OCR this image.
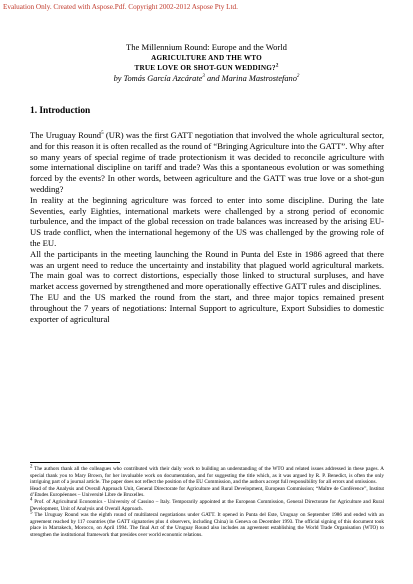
Evaluation Only. Created with Aspose.Pdf. Copyright 2002-2012 Aspose Pty Ltd.
The Millennium Round: Europe and the World
AGRICULTURE AND THE WTO
TRUE LOVE OR SHOT-GUN WEDDING?$^2$
by Tomás García Azcárate$^3$ and Marina Mastrostefano$^2$
1. Introduction

The Uruguay Round$^5$ (UR) was the first GATT negotiation that involved the whole agricultural sector, and for this reason it is often recalled as the round of “Bringing Agriculture into the GATT”. Why after so many years of special regime of trade protectionism it was decided to reconcile agriculture with some international discipline on tariff and trade? Was this a spontaneous evolution or was something forced by the events? In other words, between agriculture and the GATT was true love or a shot-gun wedding?

In reality at the beginning agriculture was forced to enter into some discipline. During the late Seventies, early Eighties, international markets were challenged by a strong period of economic turbulence, and the impact of the global recession on trade balances was increased by the arising EU-US trade conflict, when the international hegemony of the US was challenged by the growing role of the EU.

All the participants in the meeting launching the Round in Punta del Este in 1986 agreed that there was an urgent need to reduce the uncertainty and instability that plagued world agricultural markets. The main goal was to correct distortions, especially those linked to structural surpluses, and have market access governed by strengthened and more operationally effective GATT rules and disciplines.

The EU and the US marked the round from the start, and three major topics remained present throughout the 7 years of negotiations: Internal Support to agriculture, Export Subsidies to domestic exporter of agricultural

$^2$ The authors thank all the colleagues who contributed with their daily work to building an understanding of the WTO and related issues addressed in these pages. A special thank you to Mary Brown, for her invaluable work on documentation, and for suggesting the title which, as it was argued by R. P. Benedict, is often the only intriguing part of a journal article. The paper does not reflect the position of the EU Commission, and the authors accept full responsibility for all errors and omissions.

Head of the Analysis and Overall Approach Unit, General Directorate for Agriculture and Rural Development, European Commission; “Maître de Conférence”, Institut d’Etudes Européennes – Université Libre de Bruxelles.

$^4$ Prof. of Agricultural Economics - University of Cassino – Italy. Temporarily appointed at the European Commission, General Directorate for Agriculture and Rural Development, Unit of Analysis and Overall Approach.

$^5$ The Uruguay Round was the eighth round of multilateral negotiations under GATT. It opened in Punta del Este, Uruguay on September 1986 and ended with an agreement reached by 117 countries (the GATT signatories plus 4 observers, including China) in Geneva on December 1993. The official signing of this document took place in Marrakech, Morocco, on April 1994. The final Act of the Uruguay Round also includes an agreement establishing the World Trade Organisation (WTO) to strengthen the institutional framework that presides over world economic relations.
